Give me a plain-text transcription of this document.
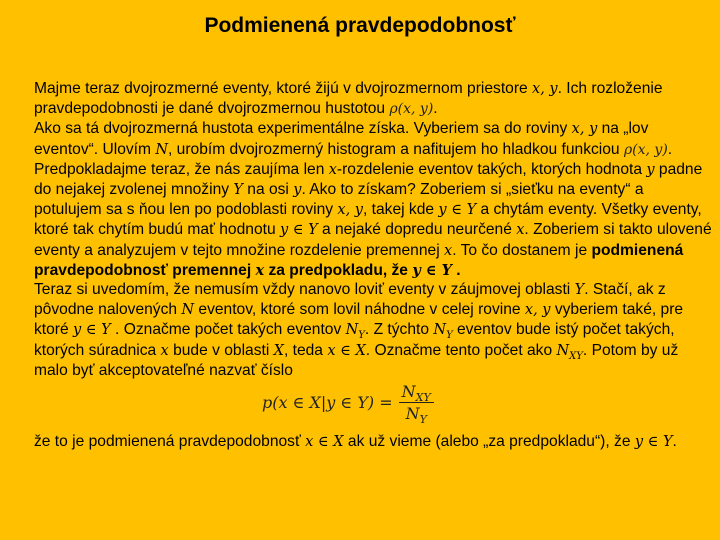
Podmienená pravdepodobnosť

Majme teraz dvojrozmerné eventy, ktoré žijú v dvojrozmernom priestore x, y. Ich rozloženie pravdepodobnosti je dané dvojrozmernou hustotou ρ(x, y).

Ako sa tá dvojrozmerná hustota experimentálne získa. Vyberiem sa do roviny x, y na „lov eventov“. Ulovím N, urobím dvojrozmerný histogram a nafitujem ho hladkou funkciou ρ(x, y).

Predpokladajme teraz, že nás zaujíma len x-rozdelenie eventov takých, ktorých hodnota y padne do nejakej zvolenej množiny Y na osi y. Ako to získam? Zoberiem si „sieťku na eventy“ a potulujem sa s ňou len po podoblasti roviny x, y, takej kde y ∈ Y a chytám eventy. Všetky eventy, ktoré tak chytím budú mať hodnotu y ∈ Y a nejaké dopredu neurčené x. Zoberiem si takto ulovené eventy a analyzujem v tejto množine rozdelenie premennej x. To čo dostanem je podmienená pravdepodobnosť premennej x za predpokladu, že y ∈ Y .

Teraz si uvedomím, že nemusím vždy nanovo loviť eventy v záujmovej oblasti Y. Stačí, ak z pôvodne nalovených N eventov, ktoré som lovil náhodne v celej rovine x, y vyberiem také, pre ktoré y ∈ Y . Označme počet takých eventov $N_Y$. Z týchto $N_Y$ eventov bude istý počet takých, ktorých súradnica x bude v oblasti X, teda x ∈ X. Označme tento počet ako $N_{XY}$. Potom by už malo byť akceptovateľné nazvať číslo

p(x ∈ X|y ∈ $Y) = \frac{N_{XY}}{N_Y}$

že to je podmienená pravdepodobnosť x ∈ X ak už vieme (alebo „za predpokladu“), že y ∈ Y.
